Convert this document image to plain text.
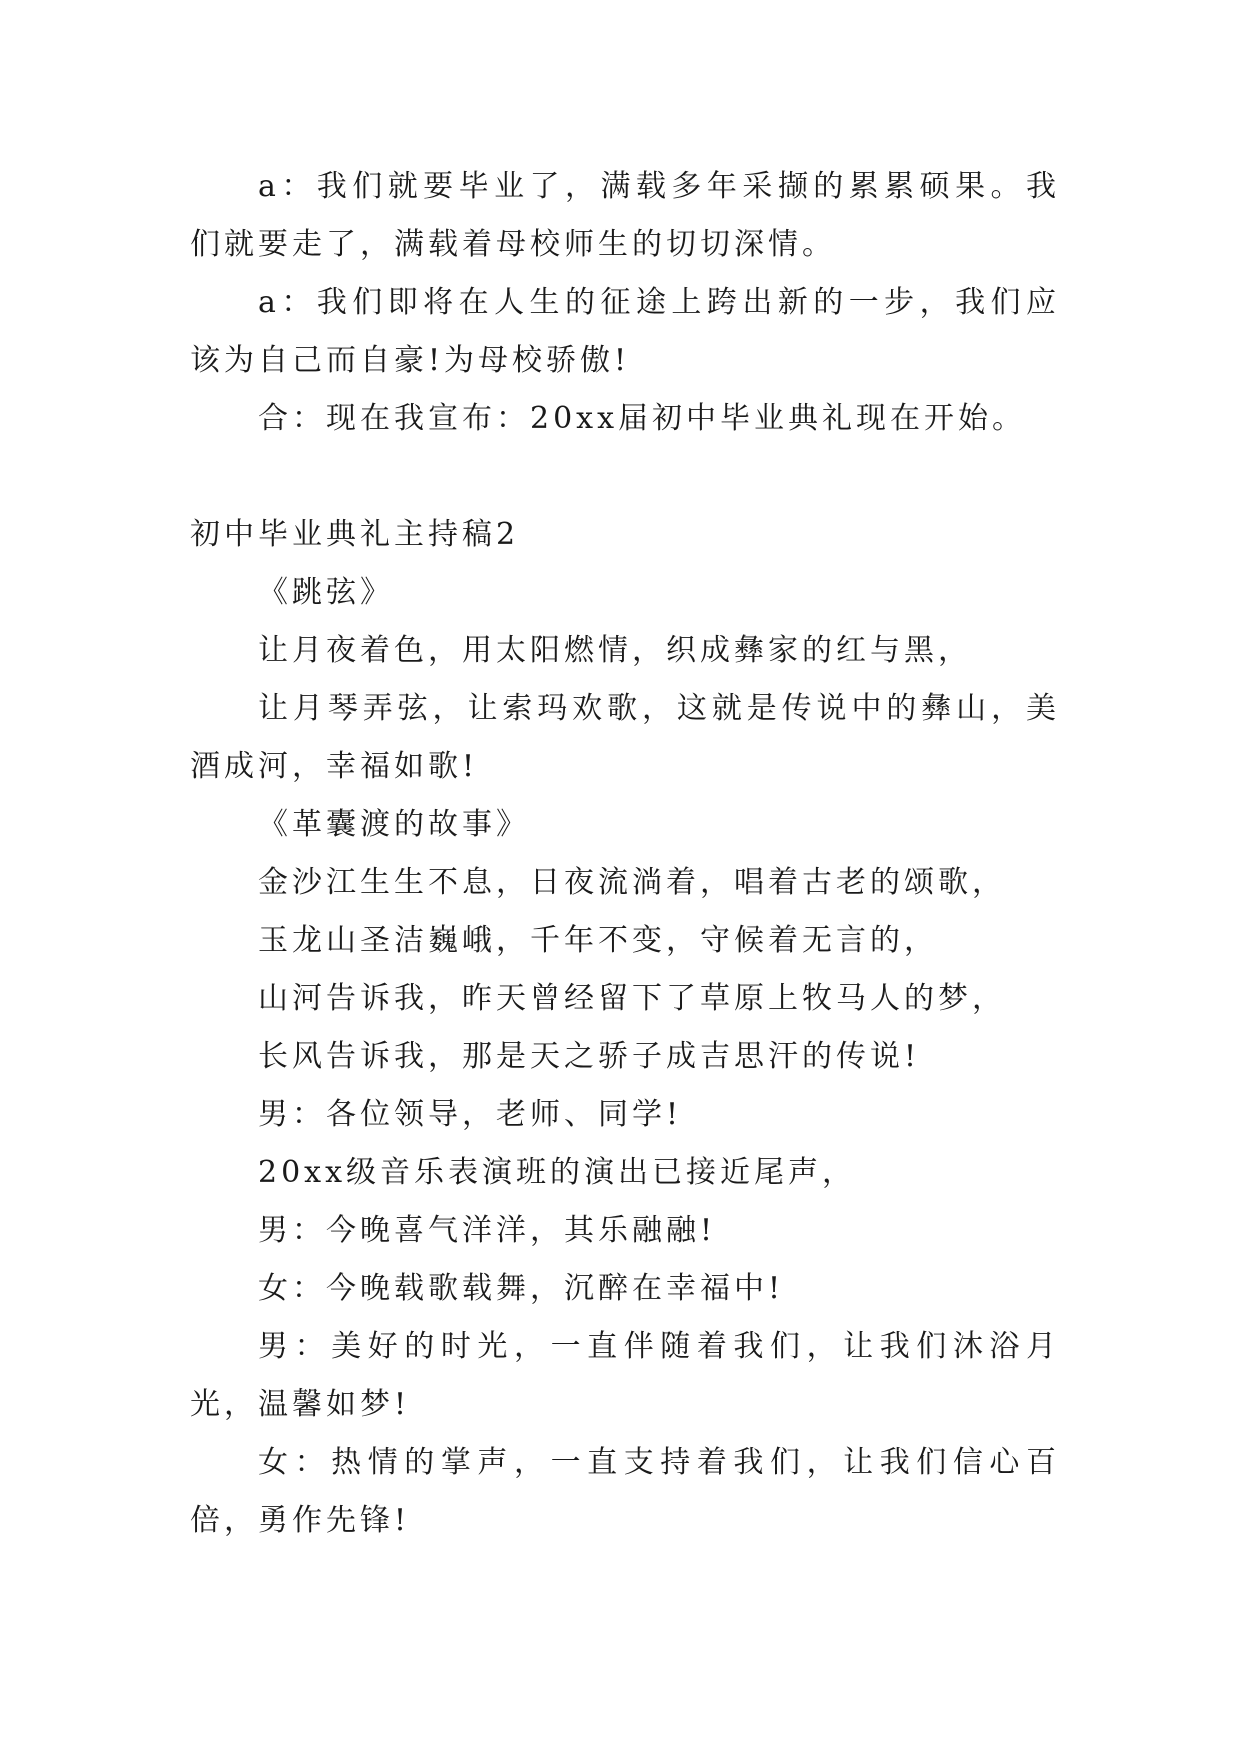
a：我们就要毕业了，满载多年采撷的累累硕果。我们就要走了，满载着母校师生的切切深情。

a：我们即将在人生的征途上跨出新的一步，我们应该为自己而自豪!为母校骄傲!

合：现在我宣布：20xx届初中毕业典礼现在开始。

初中毕业典礼主持稿2

《跳弦》

让月夜着色，用太阳燃情，织成彝家的红与黑，

让月琴弄弦，让索玛欢歌，这就是传说中的彝山，美酒成河，幸福如歌!

《革囊渡的故事》

金沙江生生不息，日夜流淌着，唱着古老的颂歌，

玉龙山圣洁巍峨，千年不变，守候着无言的，

山河告诉我，昨天曾经留下了草原上牧马人的梦，

长风告诉我，那是天之骄子成吉思汗的传说!

男：各位领导，老师、同学!

20xx级音乐表演班的演出已接近尾声，

男：今晚喜气洋洋，其乐融融!

女：今晚载歌载舞，沉醉在幸福中!

男：美好的时光，一直伴随着我们，让我们沐浴月光，温馨如梦!

女：热情的掌声，一直支持着我们，让我们信心百倍，勇作先锋!
